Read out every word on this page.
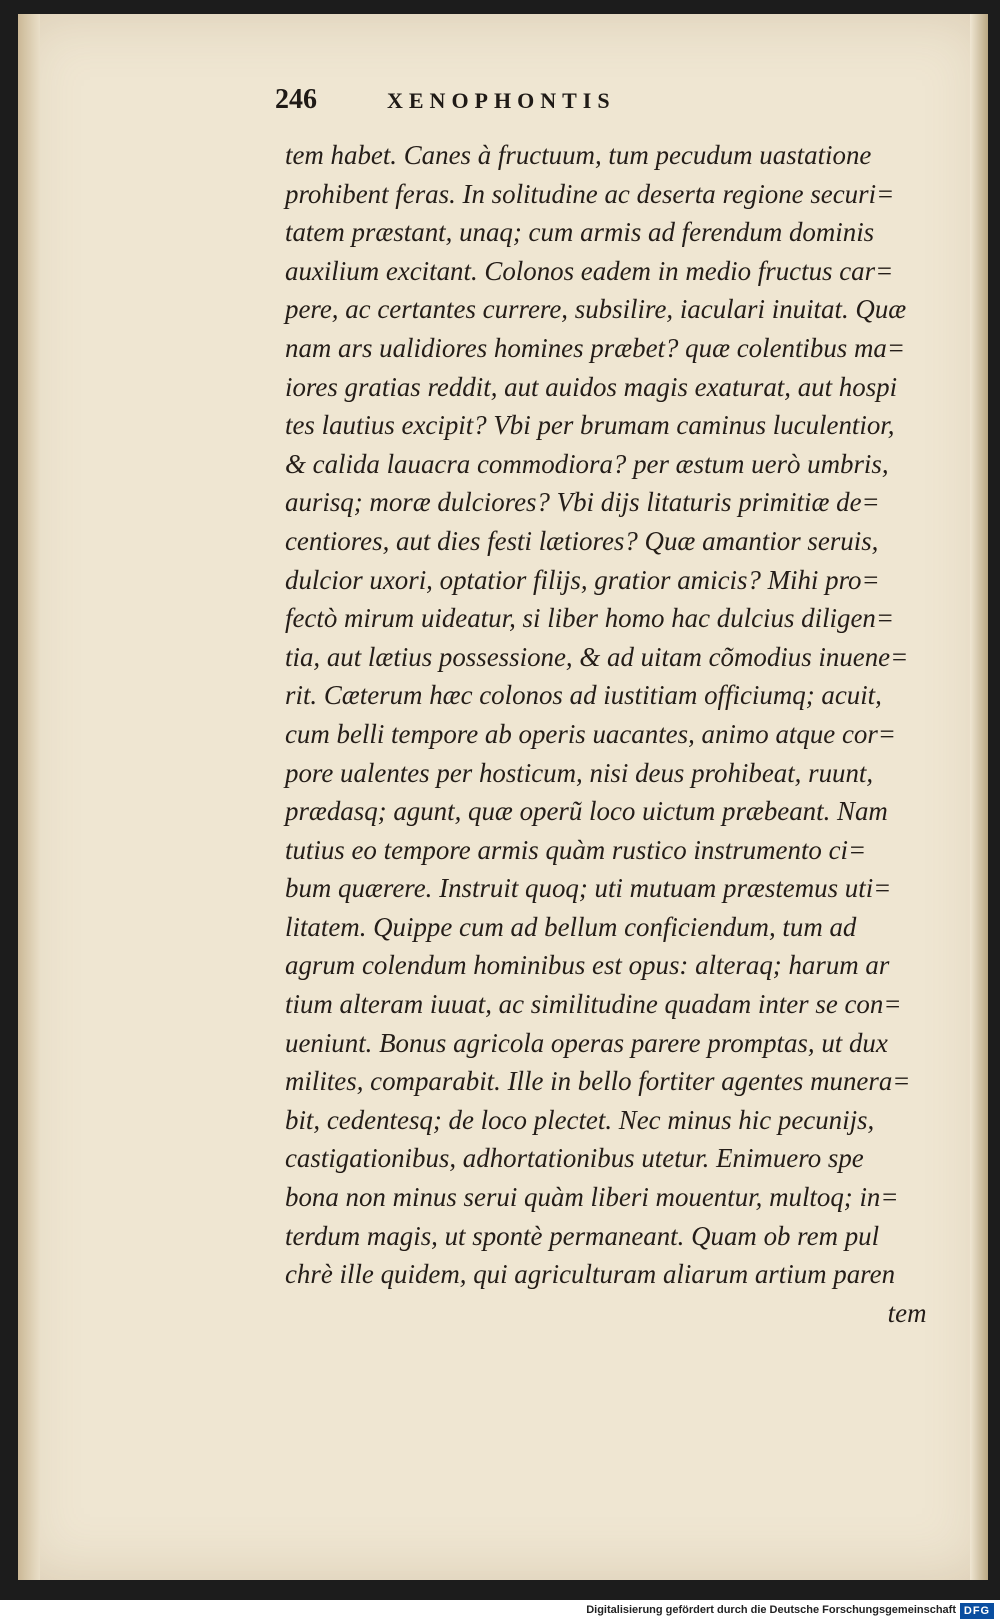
246	XENOPHONTIS
tem habet. Canes à fructuum, tum pecudum uastatione
prohibent feras. In solitudine ac deserta regione securi=
tatem præstant, unaq; cum armis ad ferendum dominis
auxilium excitant. Colonos eadem in medio fructus car=
pere, ac certantes currere, subsilire, iaculari inuitat. Quæ
nam ars ualidiores homines præbet? quæ colentibus ma=
iores gratias reddit, aut auidos magis exaturat, aut hospi
tes lautius excipit? Vbi per brumam caminus luculentior,
& calida lauacra commodiora? per æstum uerò umbris,
aurisq; moræ dulciores? Vbi dijs litaturis primitiæ de=
centiores, aut dies festi lætiores? Quæ amantior seruis,
dulcior uxori, optatior filijs, gratior amicis? Mihi pro=
fectò mirum uideatur, si liber homo hac dulcius diligen=
tia, aut lætius possessione, & ad uitam cõmodius inuene=
rit. Cæterum hæc colonos ad iustitiam officiumq; acuit,
cum belli tempore ab operis uacantes, animo atque cor=
pore ualentes per hosticum, nisi deus prohibeat, ruunt,
prædasq; agunt, quæ operũ loco uictum præbeant. Nam
tutius eo tempore armis quàm rustico instrumento ci=
bum quærere. Instruit quoq; uti mutuam præstemus uti=
litatem. Quippe cum ad bellum conficiendum, tum ad
agrum colendum hominibus est opus: alteraq; harum ar
tium alteram iuuat, ac similitudine quadam inter se con=
ueniunt. Bonus agricola operas parere promptas, ut dux
milites, comparabit. Ille in bello fortiter agentes munera=
bit, cedentesq; de loco plectet. Nec minus hic pecunijs,
castigationibus, adhortationibus utetur. Enimuero spe
bona non minus serui quàm liberi mouentur, multoq; in=
terdum magis, ut spontè permaneant. Quam ob rem pul
chrè ille quidem, qui agriculturam aliarum artium paren
tem
Digitalisierung gefördert durch die Deutsche Forschungsgemeinschaft DFG
